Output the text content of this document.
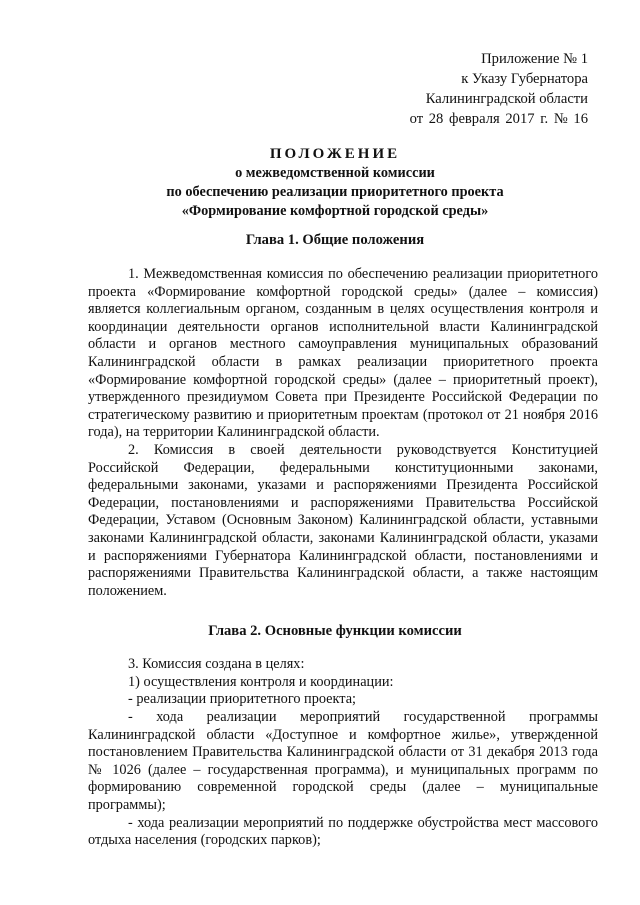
Приложение № 1
к Указу Губернатора
Калининградской области
от 28 февраля 2017 г. № 16
ПОЛОЖЕНИЕ
о межведомственной комиссии
по обеспечению реализации приоритетного проекта
«Формирование комфортной городской среды»
Глава 1. Общие положения

1. Межведомственная комиссия по обеспечению реализации приоритетного проекта «Формирование комфортной городской среды» (далее – комиссия) является коллегиальным органом, созданным в целях осуществления контроля и координации деятельности органов исполнительной власти Калининградской области и органов местного самоуправления муниципальных образований Калининградской области в рамках реализации приоритетного проекта «Формирование комфортной городской среды» (далее – приоритетный проект), утвержденного президиумом Совета при Президенте Российской Федерации по стратегическому развитию и приоритетным проектам (протокол от 21 ноября 2016 года), на территории Калининградской области.

2. Комиссия в своей деятельности руководствуется Конституцией Российской Федерации, федеральными конституционными законами, федеральными законами, указами и распоряжениями Президента Российской Федерации, постановлениями и распоряжениями Правительства Российской Федерации, Уставом (Основным Законом) Калининградской области, уставными законами Калининградской области, законами Калининградской области, указами и распоряжениями Губернатора Калининградской области, постановлениями и распоряжениями Правительства Калининградской области, а также настоящим положением.

Глава 2. Основные функции комиссии
3. Комиссия создана в целях:
1) осуществления контроля и координации:
- реализации приоритетного проекта;

- хода реализации мероприятий государственной программы Калининградской области «Доступное и комфортное жилье», утвержденной постановлением Правительства Калининградской области от 31 декабря 2013 года № 1026 (далее – государственная программа), и муниципальных программ по формированию современной городской среды (далее – муниципальные программы);

- хода реализации мероприятий по поддержке обустройства мест массового отдыха населения (городских парков);
